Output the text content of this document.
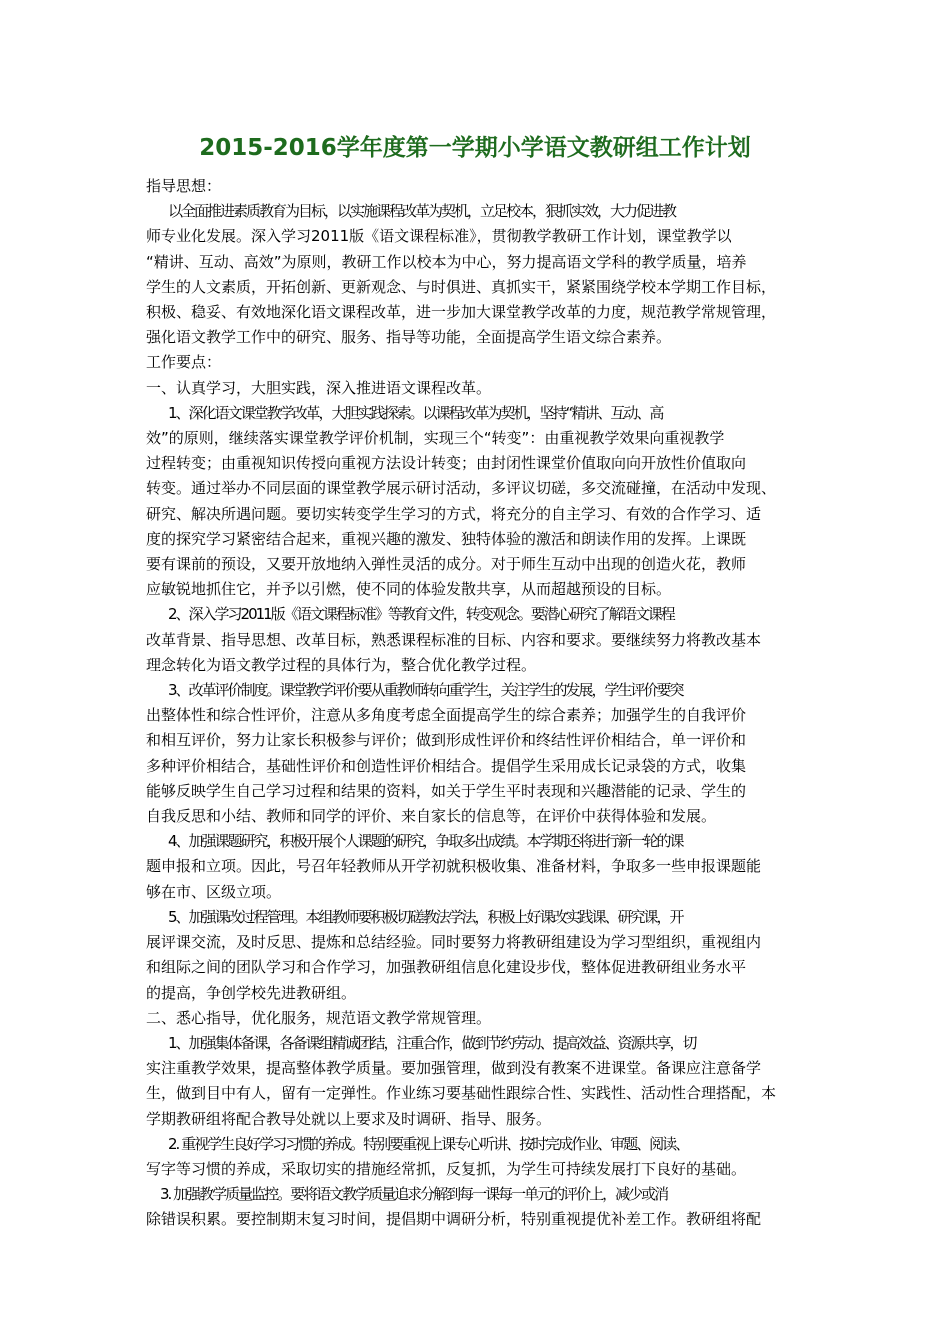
2015-2016学年度第一学期小学语文教研组工作计划
指导思想：
以全面推进素质教育为目标，以实施课程改革为契机，立足校本，狠抓实效，大力促进教
师专业化发展。深入学习2011版《语文课程标准》，贯彻教学教研工作计划，课堂教学以
“精讲、互动、高效”为原则，教研工作以校本为中心，努力提高语文学科的教学质量，培养
学生的人文素质，开拓创新、更新观念、与时俱进、真抓实干，紧紧围绕学校本学期工作目标，
积极、稳妥、有效地深化语文课程改革，进一步加大课堂教学改革的力度，规范教学常规管理，
强化语文教学工作中的研究、服务、指导等功能，全面提高学生语文综合素养。
工作要点：
一、认真学习，大胆实践，深入推进语文课程改革。
1、深化语文课堂教学改革，大胆实践探索。以课程改革为契机，坚持“精讲、互动、高
效”的原则，继续落实课堂教学评价机制，实现三个“转变”：由重视教学效果向重视教学
过程转变；由重视知识传授向重视方法设计转变；由封闭性课堂价值取向向开放性价值取向
转变。通过举办不同层面的课堂教学展示研讨活动，多评议切磋，多交流碰撞，在活动中发现、
研究、解决所遇问题。要切实转变学生学习的方式，将充分的自主学习、有效的合作学习、适
度的探究学习紧密结合起来，重视兴趣的激发、独特体验的激活和朗读作用的发挥。上课既
要有课前的预设，又要开放地纳入弹性灵活的成分。对于师生互动中出现的创造火花，教师
应敏锐地抓住它，并予以引燃，使不同的体验发散共享，从而超越预设的目标。
2、深入学习2011版《语文课程标准》等教育文件，转变观念。要潜心研究了解语文课程
改革背景、指导思想、改革目标，熟悉课程标准的目标、内容和要求。要继续努力将教改基本
理念转化为语文教学过程的具体行为，整合优化教学过程。
3、改革评价制度。课堂教学评价要从重教师转向重学生，关注学生的发展，学生评价要突
出整体性和综合性评价，注意从多角度考虑全面提高学生的综合素养；加强学生的自我评价
和相互评价，努力让家长积极参与评价；做到形成性评价和终结性评价相结合，单一评价和
多种评价相结合，基础性评价和创造性评价相结合。提倡学生采用成长记录袋的方式，收集
能够反映学生自己学习过程和结果的资料，如关于学生平时表现和兴趣潜能的记录、学生的
自我反思和小结、教师和同学的评价、来自家长的信息等，在评价中获得体验和发展。
4、加强课题研究，积极开展个人课题的研究，争取多出成绩。本学期还将进行新一轮的课
题申报和立项。因此，号召年轻教师从开学初就积极收集、准备材料，争取多一些申报课题能
够在市、区级立项。
5、加强课改过程管理。本组教师要积极切磋教法学法，积极上好课改实践课、研究课，开
展评课交流，及时反思、提炼和总结经验。同时要努力将教研组建设为学习型组织，重视组内
和组际之间的团队学习和合作学习，加强教研组信息化建设步伐，整体促进教研组业务水平
的提高，争创学校先进教研组。
二、悉心指导，优化服务，规范语文教学常规管理。
1、加强集体备课，各备课组精诚团结，注重合作，做到节约劳动、提高效益、资源共享，切
实注重教学效果，提高整体教学质量。要加强管理，做到没有教案不进课堂。备课应注意备学
生，做到目中有人，留有一定弹性。作业练习要基础性跟综合性、实践性、活动性合理搭配，本
学期教研组将配合教导处就以上要求及时调研、指导、服务。
2. 重视学生良好学习习惯的养成。特别要重视上课专心听讲、按时完成作业、审题、阅读、
写字等习惯的养成，采取切实的措施经常抓，反复抓，为学生可持续发展打下良好的基础。
3. 加强教学质量监控。要将语文教学质量追求分解到每一课每一单元的评价上，减少或消
除错误积累。要控制期末复习时间，提倡期中调研分析，特别重视提优补差工作。教研组将配
